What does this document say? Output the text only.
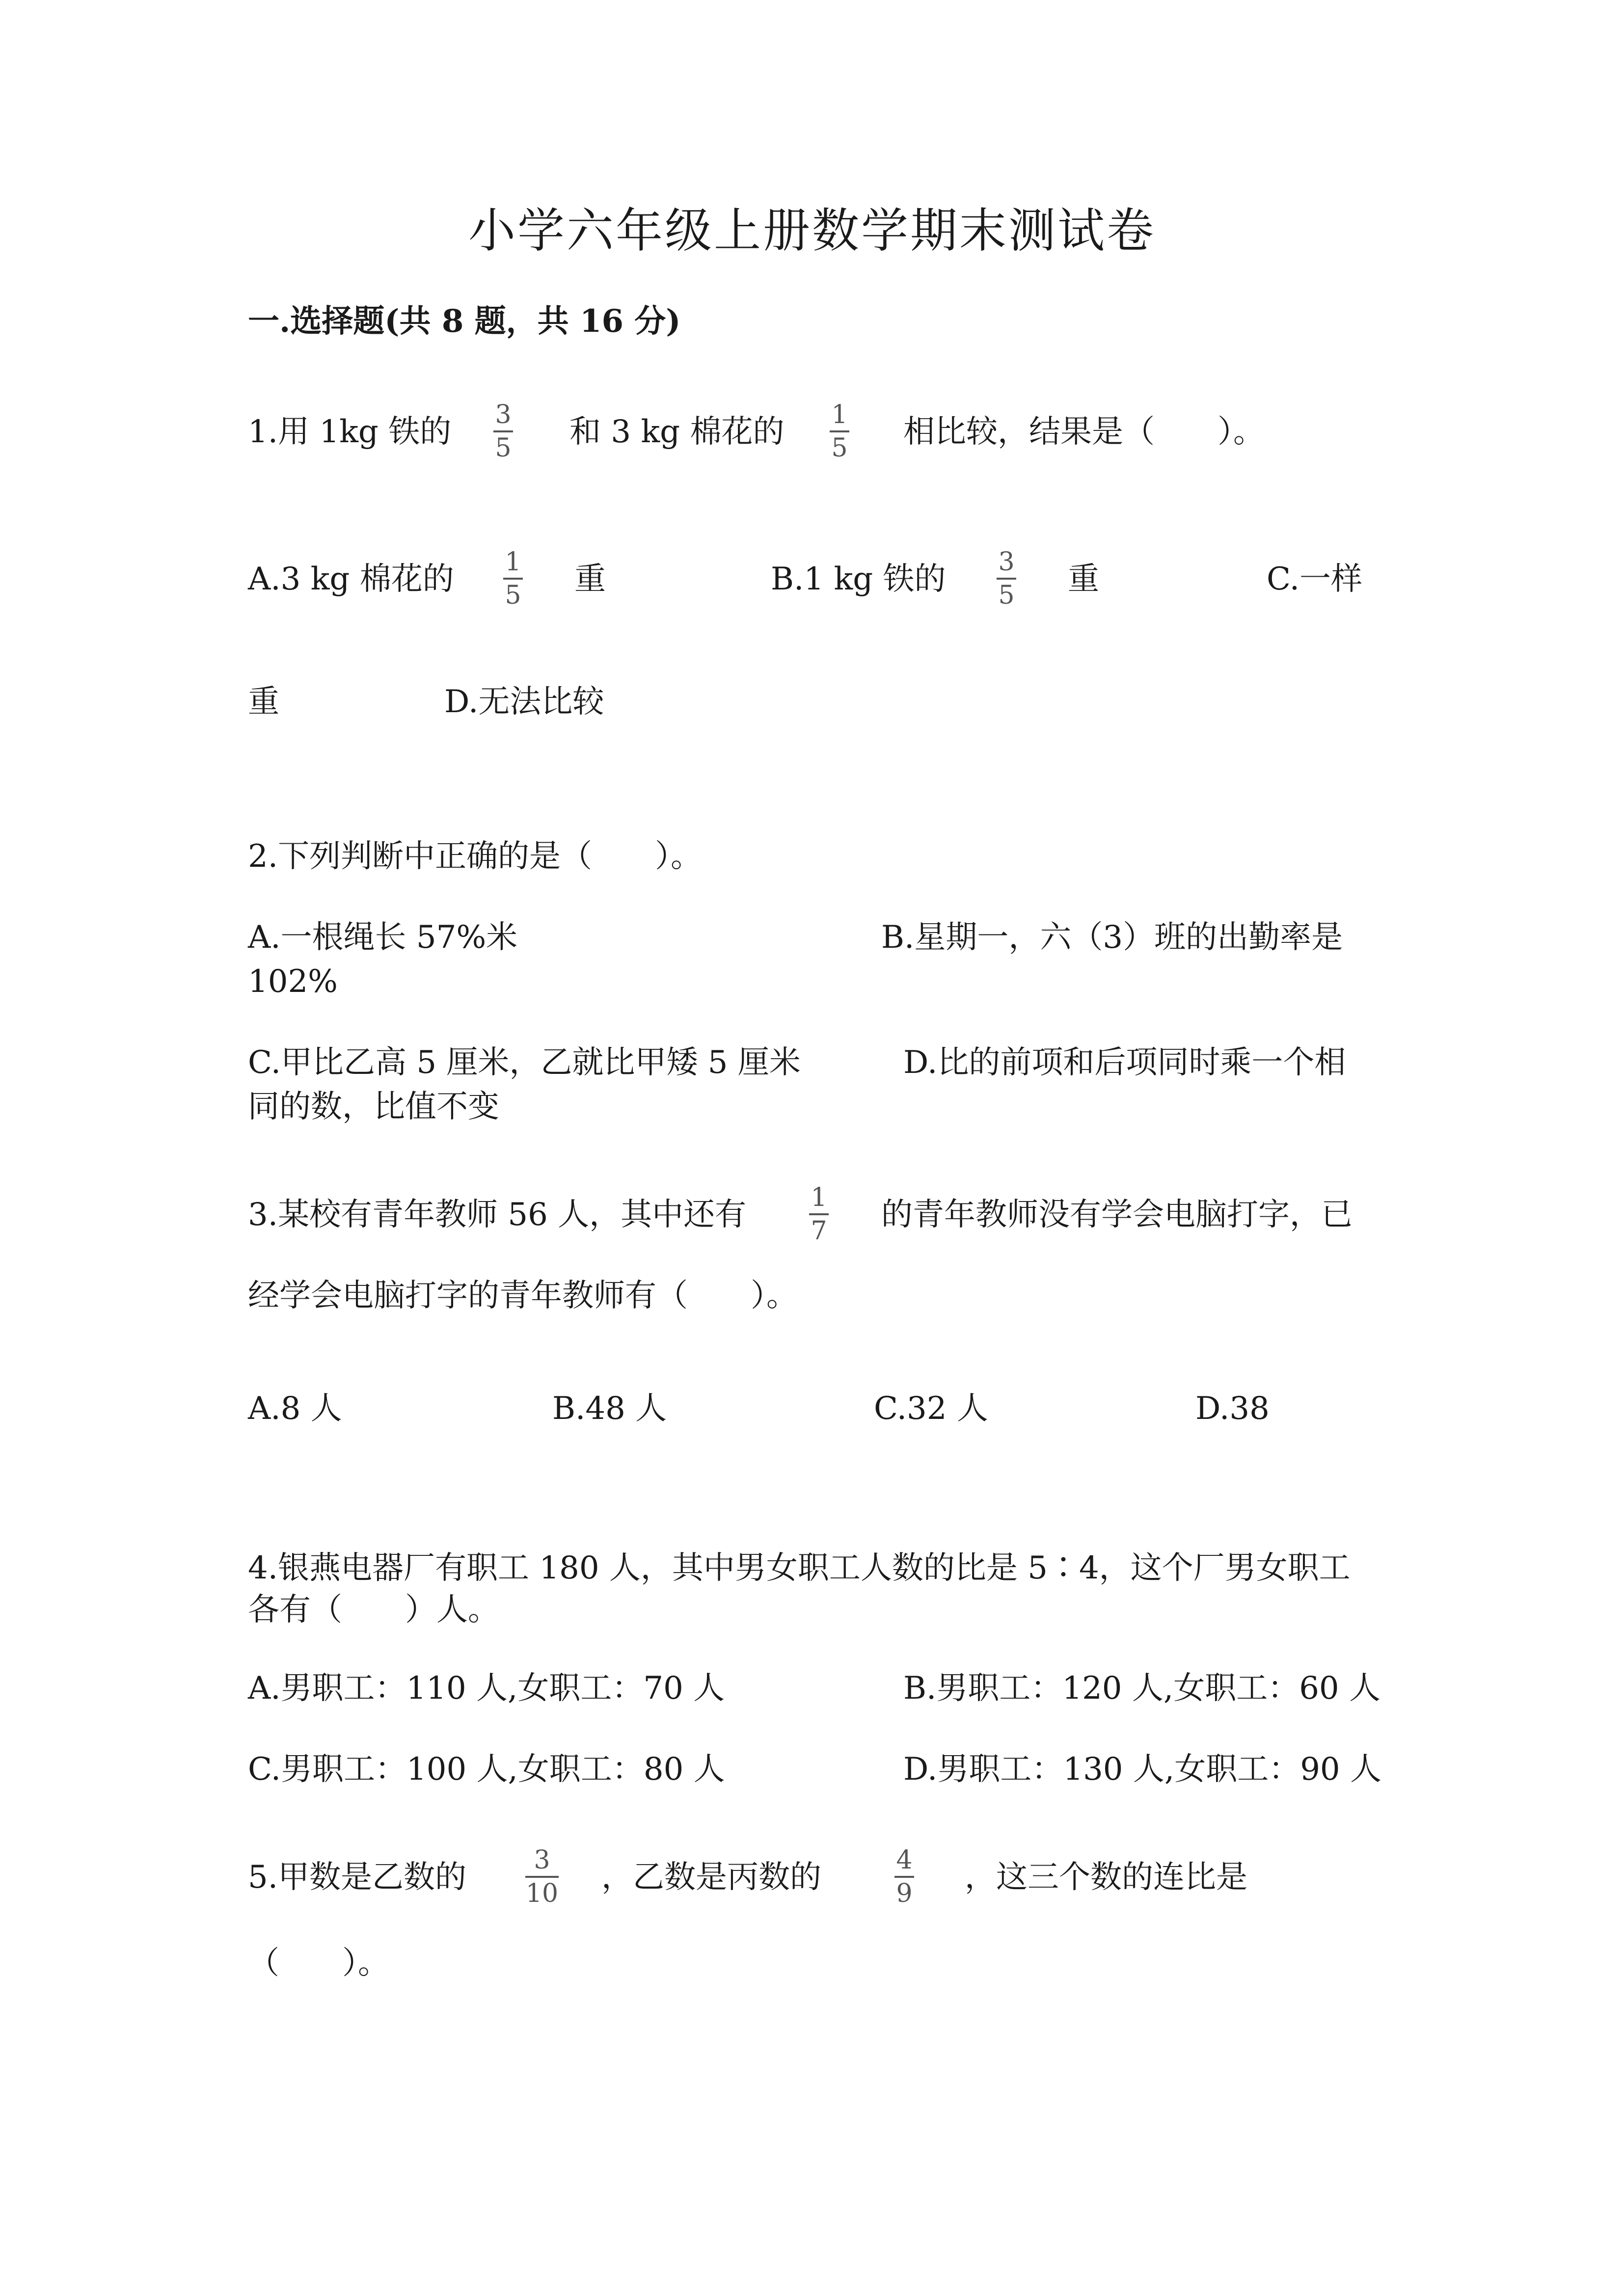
小学六年级上册数学期末测试卷
一.选择题(共 8 题，共 16 分)
1.用 1kg 铁的 3
5 和 3 kg 棉花的 1
5 相比较，结果是（　　）。
A.3 kg 棉花的 1
5 重	B.1 kg 铁的 3
5 重	C.一样
重	D.无法比较
2.下列判断中正确的是（　　）。
A.一根绳长 57%米	B.星期一，六（3）班的出勤率是
102%
C.甲比乙高 5 厘米，乙就比甲矮 5 厘米	D.比的前项和后项同时乘一个相
同的数，比值不变
3.某校有青年教师 56 人，其中还有	1
7 的青年教师没有学会电脑打字，已
经学会电脑打字的青年教师有（　　）。
A.8 人	B.48 人	C.32 人	D.38
4.银燕电器厂有职工 180 人，其中男女职工人数的比是 5∶4，这个厂男女职工
各有（　　）人。
A.男职工：110 人,女职工：70 人	B.男职工：120 人,女职工：60 人
C.男职工：100 人,女职工：80 人	D.男职工：130 人,女职工：90 人
5.甲数是乙数的	3
10 ，乙数是丙数的	4
9 ，这三个数的连比是
（　　）。
